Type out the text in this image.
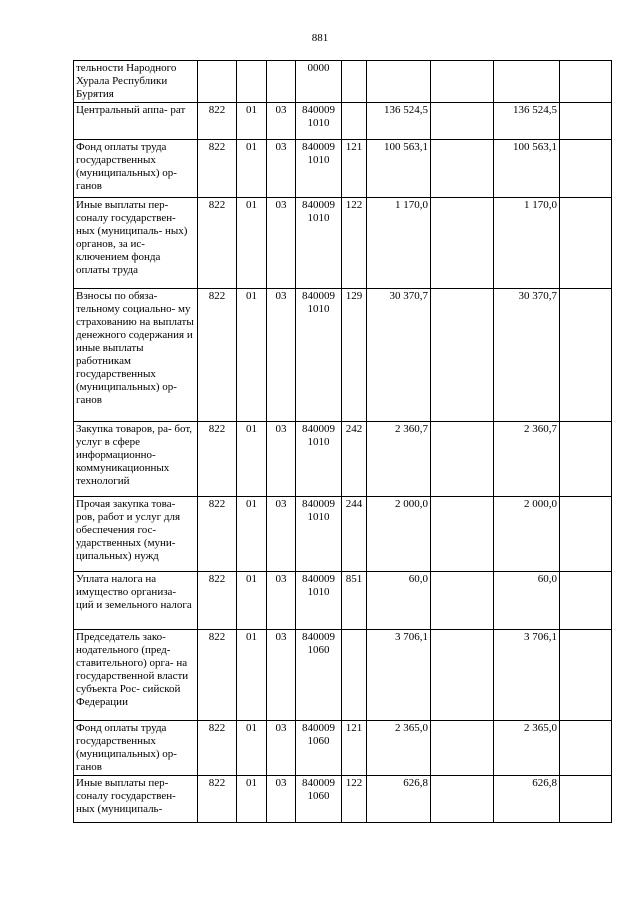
881
тельности Народного Хурала Республики Бурятия				0000					
Центральный аппа- рат	822	01	03	840009 1010		136 524,5		136 524,5	
Фонд оплаты труда государственных (муниципальных) ор- ганов	822	01	03	840009 1010	121	100 563,1		100 563,1	
Иные выплаты пер- соналу государствен- ных (муниципаль- ных) органов, за ис- ключением фонда оплаты труда	822	01	03	840009 1010	122	1 170,0		1 170,0	
Взносы по обяза- тельному социально- му страхованию на выплаты денежного содержания и иные выплаты работникам государственных (муниципальных) ор- ганов	822	01	03	840009 1010	129	30 370,7		30 370,7	
Закупка товаров, ра- бот, услуг в сфере информационно- коммуникационных технологий	822	01	03	840009 1010	242	2 360,7		2 360,7	
Прочая закупка това- ров, работ и услуг для обеспечения гос- ударственных (муни- ципальных) нужд	822	01	03	840009 1010	244	2 000,0		2 000,0	
Уплата налога на имущество организа- ций и земельного налога	822	01	03	840009 1010	851	60,0		60,0	
Председатель зако- нодательного (пред- ставительного) орга- на государственной власти субъекта Рос- сийской Федерации	822	01	03	840009 1060		3 706,1		3 706,1	
Фонд оплаты труда государственных (муниципальных) ор- ганов	822	01	03	840009 1060	121	2 365,0		2 365,0	
Иные выплаты пер- соналу государствен- ных (муниципаль-	822	01	03	840009 1060	122	626,8		626,8	
